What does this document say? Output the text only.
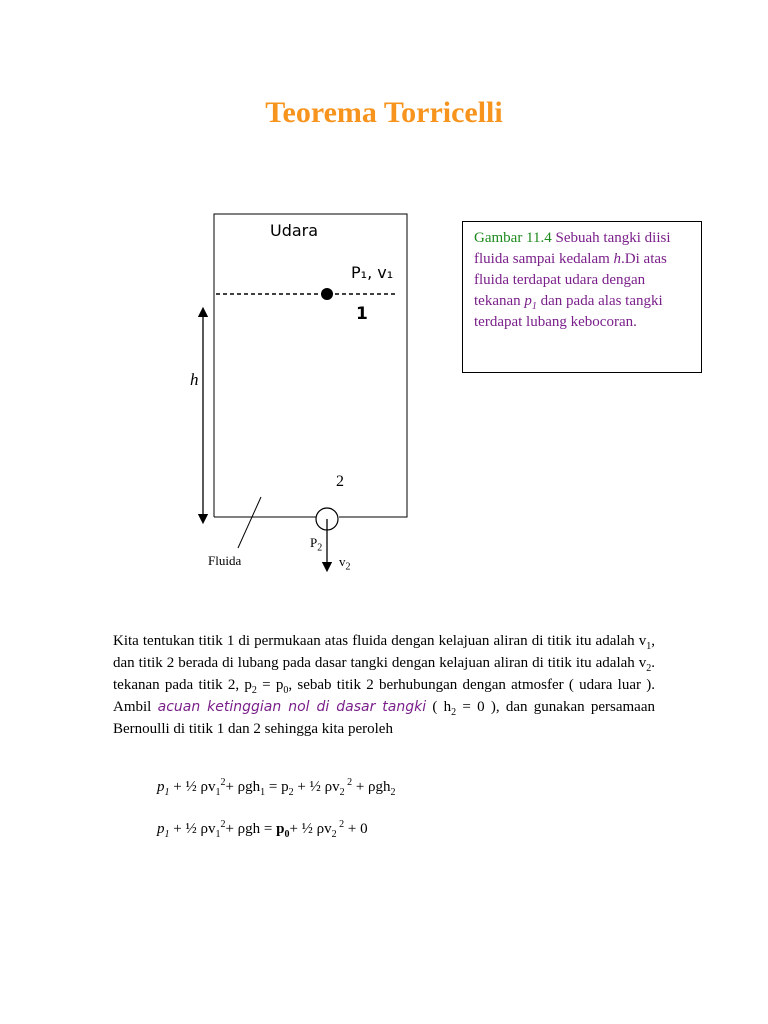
Teorema Torricelli
Udara
P₁, v₁
1
h
2
$P_2$
$v_2$
Fluida
Gambar 11.4 Sebuah tangki diisi fluida sampai kedalam h.Di atas fluida terdapat udara dengan tekanan $p_1$ dan pada alas tangki terdapat lubang kebocoran.
Kita tentukan titik 1 di permukaan atas fluida dengan kelajuan aliran di titik itu adalah $v_1$, dan titik 2 berada di lubang pada dasar tangki dengan kelajuan aliran di titik itu adalah $v_2$. tekanan pada titik 2, $p_2 = p_0$, sebab titik 2 berhubungan dengan atmosfer ( udara luar ). Ambil acuan ketinggian nol di dasar tangki ( $h_2 = 0$ ), dan gunakan persamaan Bernoulli di titik 1 dan 2 sehingga kita peroleh
$p_1$ + ½ $\rho v_1^2+ \rho gh_1 = p_2$ + ½ $\rho v_2$ $^2$ + ρgh$_2$
$p_1$ + ½ $\rho v_1^2+ \rho gh = p_0+$ ½ $\rho v_2$ $^2$ + 0
